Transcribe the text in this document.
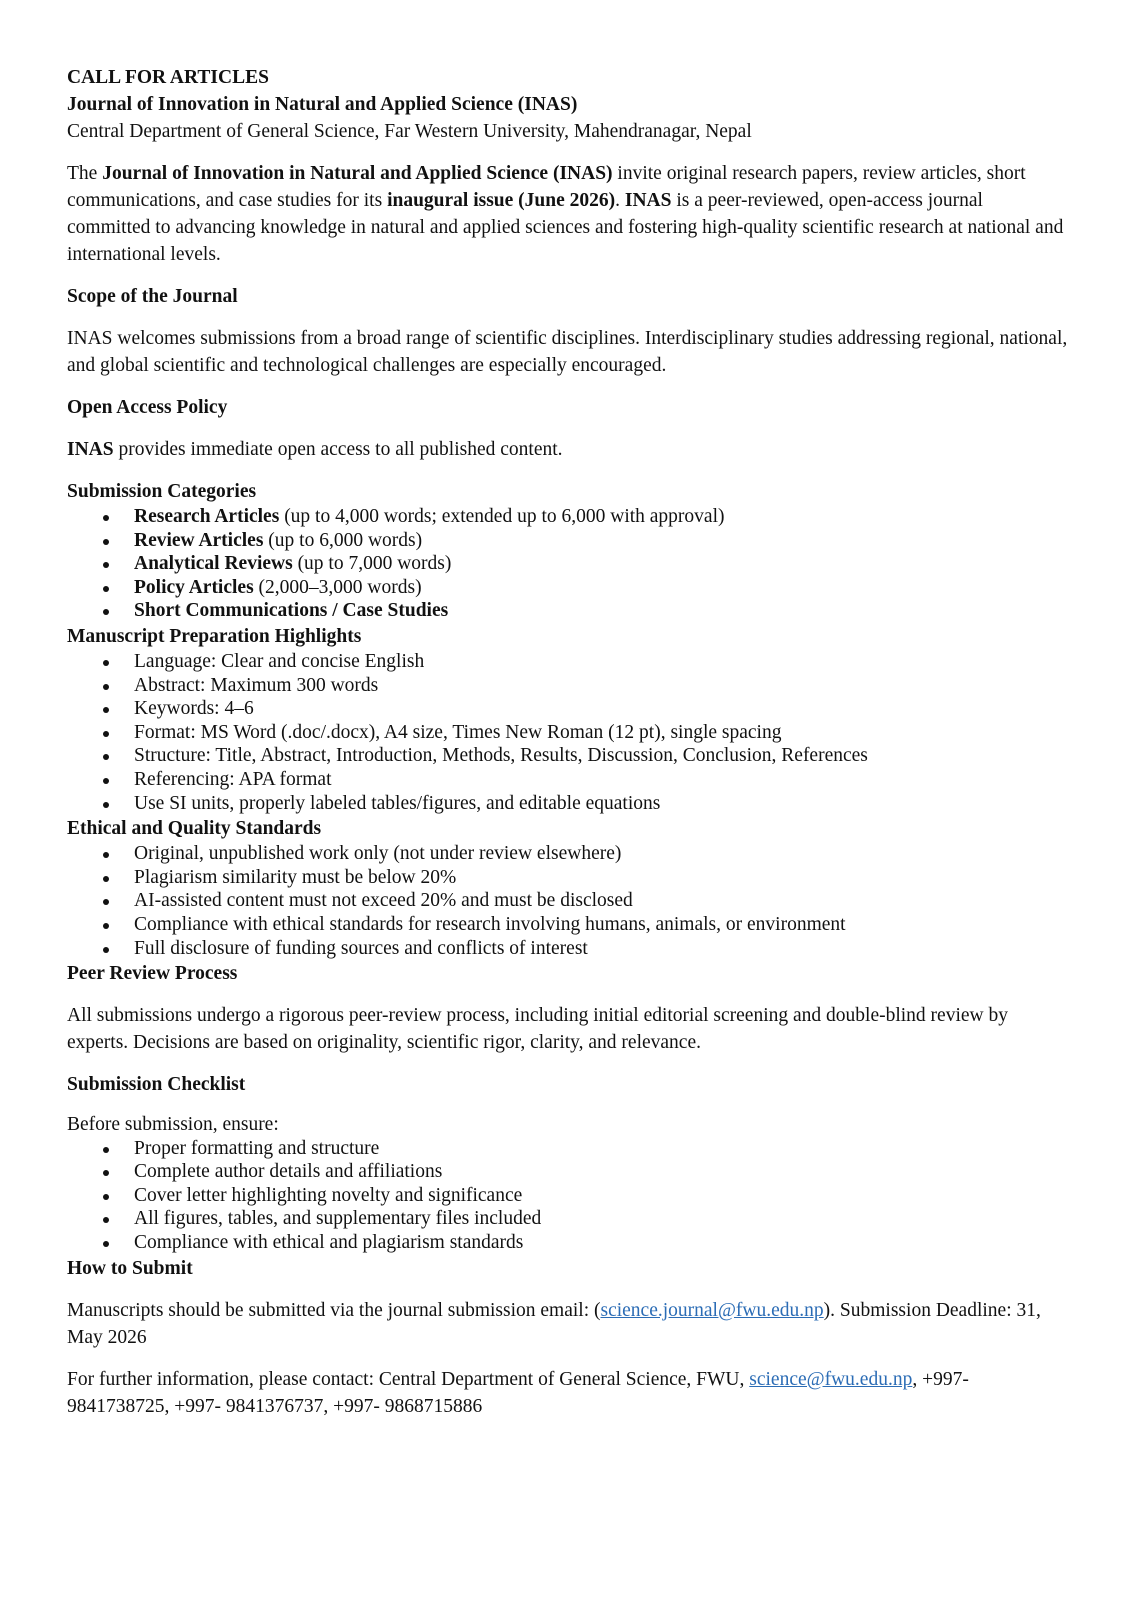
CALL FOR ARTICLES

Journal of Innovation in Natural and Applied Science (INAS)

Central Department of General Science, Far Western University, Mahendranagar, Nepal

The Journal of Innovation in Natural and Applied Science (INAS) invite original research papers, review articles, short communications, and case studies for its inaugural issue (June 2026). INAS is a peer-reviewed, open-access journal committed to advancing knowledge in natural and applied sciences and fostering high-quality scientific research at national and international levels.

Scope of the Journal

INAS welcomes submissions from a broad range of scientific disciplines. Interdisciplinary studies addressing regional, national, and global scientific and technological challenges are especially encouraged.

Open Access Policy

INAS provides immediate open access to all published content.

Submission Categories

Research Articles (up to 4,000 words; extended up to 6,000 with approval)
Review Articles (up to 6,000 words)
Analytical Reviews (up to 7,000 words)
Policy Articles (2,000–3,000 words)
Short Communications / Case Studies

Manuscript Preparation Highlights

Language: Clear and concise English
Abstract: Maximum 300 words
Keywords: 4–6
Format: MS Word (.doc/.docx), A4 size, Times New Roman (12 pt), single spacing
Structure: Title, Abstract, Introduction, Methods, Results, Discussion, Conclusion, References
Referencing: APA format
Use SI units, properly labeled tables/figures, and editable equations

Ethical and Quality Standards

Original, unpublished work only (not under review elsewhere)
Plagiarism similarity must be below 20%
AI-assisted content must not exceed 20% and must be disclosed
Compliance with ethical standards for research involving humans, animals, or environment
Full disclosure of funding sources and conflicts of interest

Peer Review Process

All submissions undergo a rigorous peer-review process, including initial editorial screening and double-blind review by experts. Decisions are based on originality, scientific rigor, clarity, and relevance.

Submission Checklist

Before submission, ensure:

Proper formatting and structure
Complete author details and affiliations
Cover letter highlighting novelty and significance
All figures, tables, and supplementary files included
Compliance with ethical and plagiarism standards

How to Submit

Manuscripts should be submitted via the journal submission email: (science.journal@fwu.edu.np). Submission Deadline: 31, May 2026

For further information, please contact: Central Department of General Science, FWU, science@fwu.edu.np, +997-9841738725, +997- 9841376737, +997- 9868715886
